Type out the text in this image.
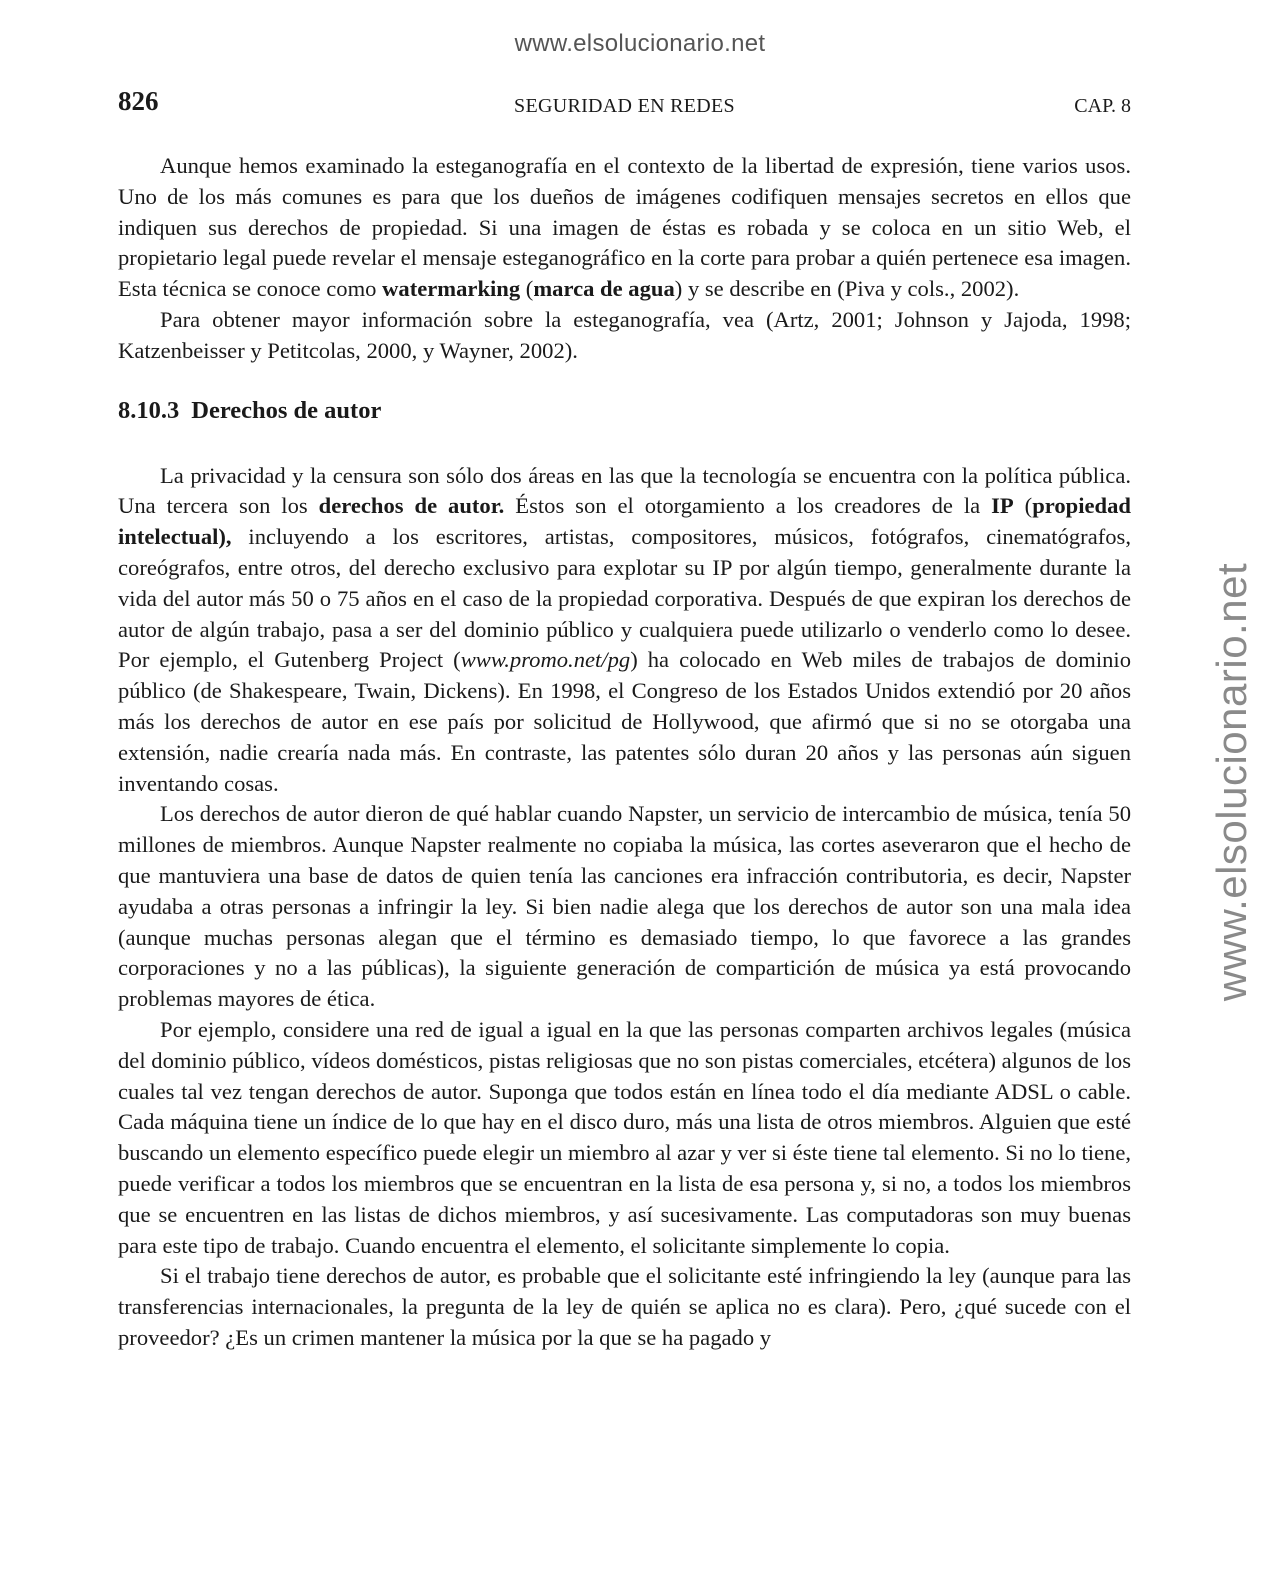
www.elsolucionario.net
www.elsolucionario.net
826	SEGURIDAD EN REDES	CAP. 8

Aunque hemos examinado la esteganografía en el contexto de la libertad de expresión, tiene varios usos. Uno de los más comunes es para que los dueños de imágenes codifiquen mensajes secretos en ellos que indiquen sus derechos de propiedad. Si una imagen de éstas es robada y se coloca en un sitio Web, el propietario legal puede revelar el mensaje esteganográfico en la corte para probar a quién pertenece esa imagen. Esta técnica se conoce como watermarking (marca de agua) y se describe en (Piva y cols., 2002).

Para obtener mayor información sobre la esteganografía, vea (Artz, 2001; Johnson y Jajoda, 1998; Katzenbeisser y Petitcolas, 2000, y Wayner, 2002).

8.10.3 Derechos de autor

La privacidad y la censura son sólo dos áreas en las que la tecnología se encuentra con la política pública. Una tercera son los derechos de autor. Éstos son el otorgamiento a los creadores de la IP (propiedad intelectual), incluyendo a los escritores, artistas, compositores, músicos, fotógrafos, cinematógrafos, coreógrafos, entre otros, del derecho exclusivo para explotar su IP por algún tiempo, generalmente durante la vida del autor más 50 o 75 años en el caso de la propiedad corporativa. Después de que expiran los derechos de autor de algún trabajo, pasa a ser del dominio público y cualquiera puede utilizarlo o venderlo como lo desee. Por ejemplo, el Gutenberg Project (www.promo.net/pg) ha colocado en Web miles de trabajos de dominio público (de Shakespeare, Twain, Dickens). En 1998, el Congreso de los Estados Unidos extendió por 20 años más los derechos de autor en ese país por solicitud de Hollywood, que afirmó que si no se otorgaba una extensión, nadie crearía nada más. En contraste, las patentes sólo duran 20 años y las personas aún siguen inventando cosas.

Los derechos de autor dieron de qué hablar cuando Napster, un servicio de intercambio de música, tenía 50 millones de miembros. Aunque Napster realmente no copiaba la música, las cortes aseveraron que el hecho de que mantuviera una base de datos de quien tenía las canciones era infracción contributoria, es decir, Napster ayudaba a otras personas a infringir la ley. Si bien nadie alega que los derechos de autor son una mala idea (aunque muchas personas alegan que el término es demasiado tiempo, lo que favorece a las grandes corporaciones y no a las públicas), la siguiente generación de compartición de música ya está provocando problemas mayores de ética.

Por ejemplo, considere una red de igual a igual en la que las personas comparten archivos legales (música del dominio público, vídeos domésticos, pistas religiosas que no son pistas comerciales, etcétera) algunos de los cuales tal vez tengan derechos de autor. Suponga que todos están en línea todo el día mediante ADSL o cable. Cada máquina tiene un índice de lo que hay en el disco duro, más una lista de otros miembros. Alguien que esté buscando un elemento específico puede elegir un miembro al azar y ver si éste tiene tal elemento. Si no lo tiene, puede verificar a todos los miembros que se encuentran en la lista de esa persona y, si no, a todos los miembros que se encuentren en las listas de dichos miembros, y así sucesivamente. Las computadoras son muy buenas para este tipo de trabajo. Cuando encuentra el elemento, el solicitante simplemente lo copia.

Si el trabajo tiene derechos de autor, es probable que el solicitante esté infringiendo la ley (aunque para las transferencias internacionales, la pregunta de la ley de quién se aplica no es clara). Pero, ¿qué sucede con el proveedor? ¿Es un crimen mantener la música por la que se ha pagado y
